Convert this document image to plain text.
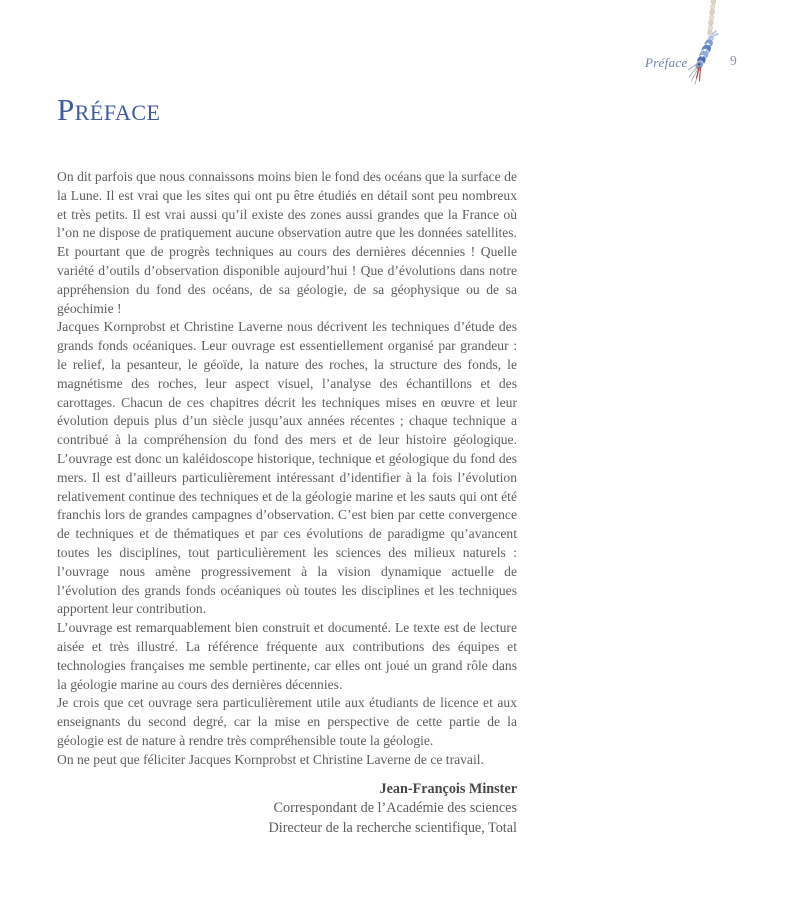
Préface	9
Préface

On dit parfois que nous connaissons moins bien le fond des océans que la surface de la Lune. Il est vrai que les sites qui ont pu être étudiés en détail sont peu nombreux et très petits. Il est vrai aussi qu’il existe des zones aussi grandes que la France où l’on ne dispose de pratiquement aucune observation autre que les données satellites. Et pourtant que de progrès techniques au cours des dernières décennies ! Quelle variété d’outils d’observation disponible aujourd’hui ! Que d’évolutions dans notre appréhension du fond des océans, de sa géologie, de sa géophysique ou de sa géochimie !

Jacques Kornprobst et Christine Laverne nous décrivent les techniques d’étude des grands fonds océaniques. Leur ouvrage est essentiellement organisé par grandeur : le relief, la pesanteur, le géoïde, la nature des roches, la structure des fonds, le magnétisme des roches, leur aspect visuel, l’analyse des échantillons et des carottages. Chacun de ces chapitres décrit les techniques mises en œuvre et leur évolution depuis plus d’un siècle jusqu’aux années récentes ; chaque technique a contribué à la compréhension du fond des mers et de leur histoire géologique. L’ouvrage est donc un kaléidoscope historique, technique et géologique du fond des mers. Il est d’ailleurs particulièrement intéressant d’identifier à la fois l’évolution relativement continue des techniques et de la géologie marine et les sauts qui ont été franchis lors de grandes campagnes d’observation. C’est bien par cette convergence de techniques et de thématiques et par ces évolutions de paradigme qu’avancent toutes les disciplines, tout particulièrement les sciences des milieux naturels : l’ouvrage nous amène progressivement à la vision dynamique actuelle de l’évolution des grands fonds océaniques où toutes les disciplines et les techniques apportent leur contribution.

L’ouvrage est remarquablement bien construit et documenté. Le texte est de lecture aisée et très illustré. La référence fréquente aux contributions des équipes et technologies françaises me semble pertinente, car elles ont joué un grand rôle dans la géologie marine au cours des dernières décennies.

Je crois que cet ouvrage sera particulièrement utile aux étudiants de licence et aux enseignants du second degré, car la mise en perspective de cette partie de la géologie est de nature à rendre très compréhensible toute la géologie.

On ne peut que féliciter Jacques Kornprobst et Christine Laverne de ce travail.

Jean-François Minster
Correspondant de l’Académie des sciences
Directeur de la recherche scientifique, Total
